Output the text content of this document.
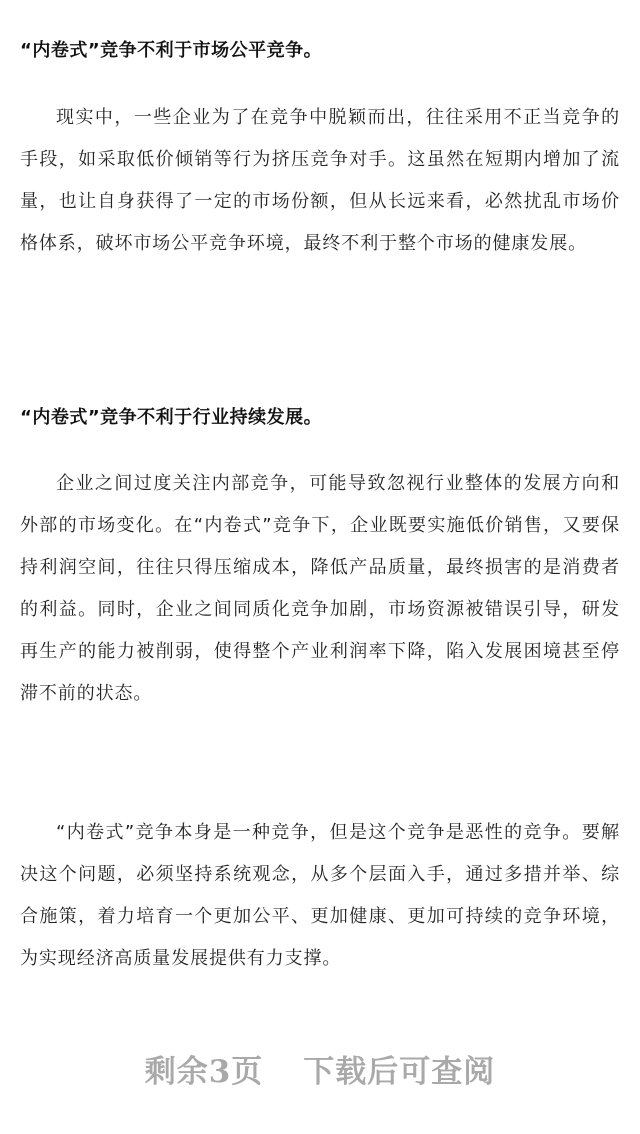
“内卷式”竞争不利于市场公平竞争。

现实中，一些企业为了在竞争中脱颖而出，往往采用不正当竞争的手段，如采取低价倾销等行为挤压竞争对手。这虽然在短期内增加了流量，也让自身获得了一定的市场份额，但从长远来看，必然扰乱市场价格体系，破坏市场公平竞争环境，最终不利于整个市场的健康发展。

“内卷式”竞争不利于行业持续发展。

企业之间过度关注内部竞争，可能导致忽视行业整体的发展方向和外部的市场变化。在“内卷式”竞争下，企业既要实施低价销售，又要保持利润空间，往往只得压缩成本，降低产品质量，最终损害的是消费者的利益。同时，企业之间同质化竞争加剧，市场资源被错误引导，研发再生产的能力被削弱，使得整个产业利润率下降，陷入发展困境甚至停滞不前的状态。

“内卷式”竞争本身是一种竞争，但是这个竞争是恶性的竞争。要解决这个问题，必须坚持系统观念，从多个层面入手，通过多措并举、综合施策，着力培育一个更加公平、更加健康、更加可持续的竞争环境，为实现经济高质量发展提供有力支撑。

剩余3页 下载后可查阅
